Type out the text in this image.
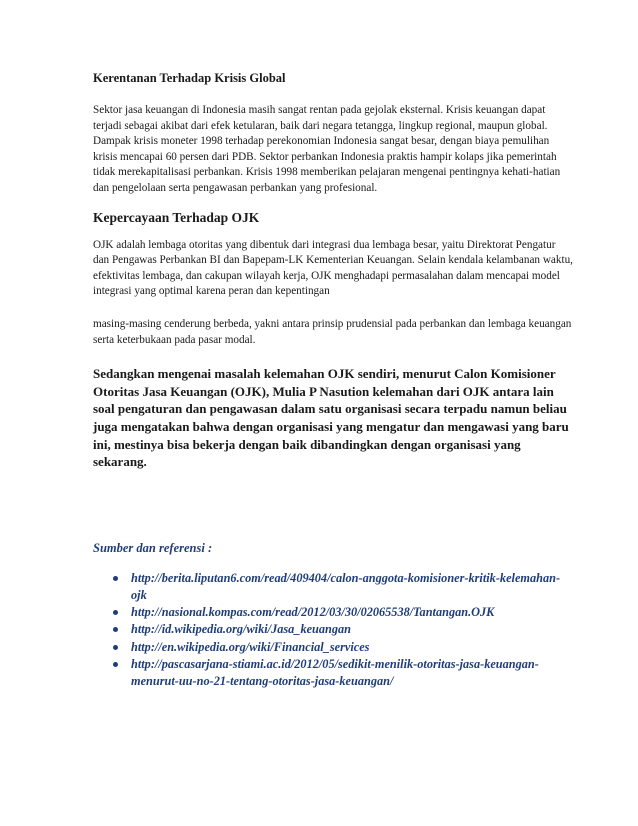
Kerentanan Terhadap Krisis Global

Sektor jasa keuangan di Indonesia masih sangat rentan pada gejolak eksternal. Krisis keuangan dapat terjadi sebagai akibat dari efek ketularan, baik dari negara tetangga, lingkup regional, maupun global. Dampak krisis moneter 1998 terhadap perekonomian Indonesia sangat besar, dengan biaya pemulihan krisis mencapai 60 persen dari PDB. Sektor perbankan Indonesia praktis hampir kolaps jika pemerintah tidak merekapitalisasi perbankan. Krisis 1998 memberikan pelajaran mengenai pentingnya kehati-hatian dan pengelolaan serta pengawasan perbankan yang profesional.

Kepercayaan Terhadap OJK

OJK adalah lembaga otoritas yang dibentuk dari integrasi dua lembaga besar, yaitu Direktorat Pengatur dan Pengawas Perbankan BI dan Bapepam-LK Kementerian Keuangan. Selain kendala kelambanan waktu, efektivitas lembaga, dan cakupan wilayah kerja, OJK menghadapi permasalahan dalam mencapai model integrasi yang optimal karena peran dan kepentingan

masing-masing cenderung berbeda, yakni antara prinsip prudensial pada perbankan dan lembaga keuangan serta keterbukaan pada pasar modal.

Sedangkan mengenai masalah kelemahan OJK sendiri, menurut Calon Komisioner Otoritas Jasa Keuangan (OJK), Mulia P Nasution kelemahan dari OJK antara lain soal pengaturan dan pengawasan dalam satu organisasi secara terpadu namun beliau juga mengatakan bahwa dengan organisasi yang mengatur dan mengawasi yang baru ini, mestinya bisa bekerja dengan baik dibandingkan dengan organisasi yang sekarang.

Sumber dan referensi :
http://berita.liputan6.com/read/409404/calon-anggota-komisioner-kritik-kelemahan-ojk
http://nasional.kompas.com/read/2012/03/30/02065538/Tantangan.OJK
http://id.wikipedia.org/wiki/Jasa_keuangan
http://en.wikipedia.org/wiki/Financial_services
http://pascasarjana-stiami.ac.id/2012/05/sedikit-menilik-otoritas-jasa-keuangan-menurut-uu-no-21-tentang-otoritas-jasa-keuangan/
